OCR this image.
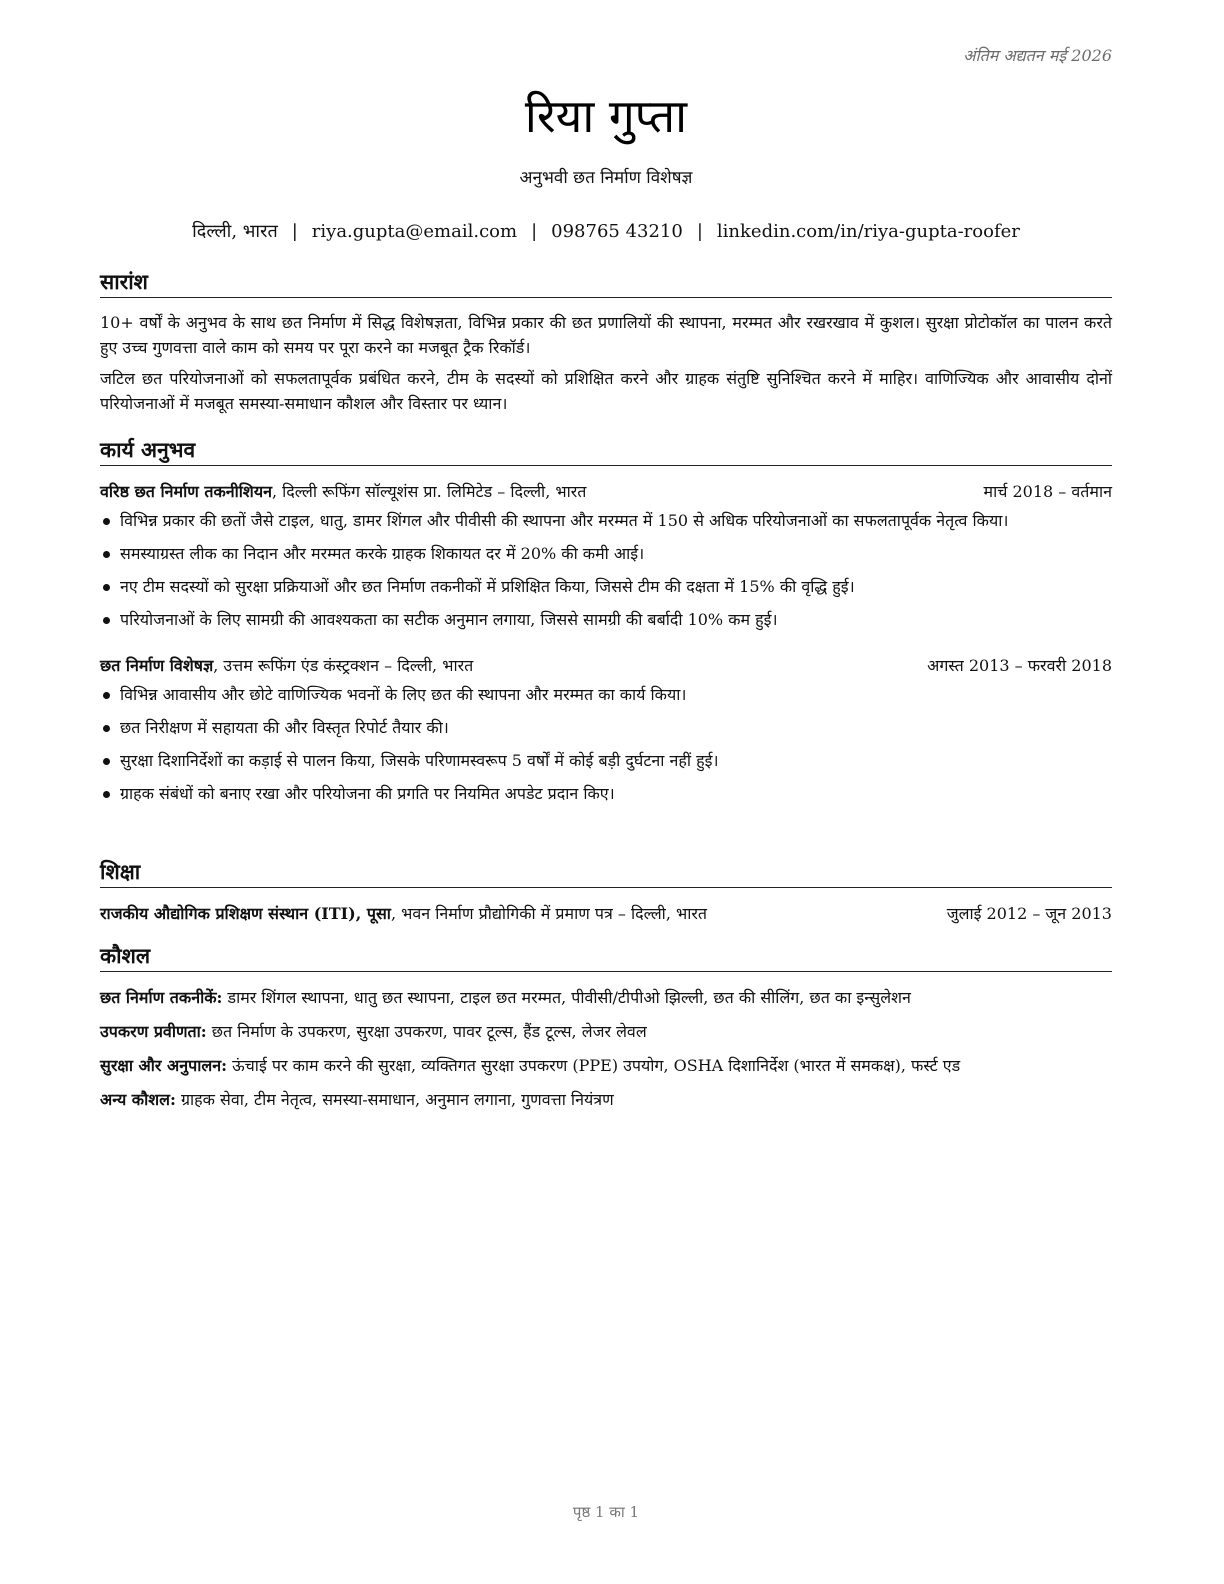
अंतिम अद्यतन मई 2026
रिया गुप्ता
अनुभवी छत निर्माण विशेषज्ञ
दिल्ली, भारत | riya.gupta@email.com | 098765 43210 | linkedin.com/in/riya-gupta-roofer
सारांश

10+ वर्षों के अनुभव के साथ छत निर्माण में सिद्ध विशेषज्ञता, विभिन्न प्रकार की छत प्रणालियों की स्थापना, मरम्मत और रखरखाव में कुशल। सुरक्षा प्रोटोकॉल का पालन करते हुए उच्च गुणवत्ता वाले काम को समय पर पूरा करने का मजबूत ट्रैक रिकॉर्ड।

जटिल छत परियोजनाओं को सफलतापूर्वक प्रबंधित करने, टीम के सदस्यों को प्रशिक्षित करने और ग्राहक संतुष्टि सुनिश्चित करने में माहिर। वाणिज्यिक और आवासीय दोनों परियोजनाओं में मजबूत समस्या-समाधान कौशल और विस्तार पर ध्यान।

कार्य अनुभव
वरिष्ठ छत निर्माण तकनीशियन, दिल्ली रूफिंग सॉल्यूशंस प्रा. लिमिटेड – दिल्ली, भारत	मार्च 2018 – वर्तमान
विभिन्न प्रकार की छतों जैसे टाइल, धातु, डामर शिंगल और पीवीसी की स्थापना और मरम्मत में 150 से अधिक परियोजनाओं का सफलतापूर्वक नेतृत्व किया।
समस्याग्रस्त लीक का निदान और मरम्मत करके ग्राहक शिकायत दर में 20% की कमी आई।
नए टीम सदस्यों को सुरक्षा प्रक्रियाओं और छत निर्माण तकनीकों में प्रशिक्षित किया, जिससे टीम की दक्षता में 15% की वृद्धि हुई।
परियोजनाओं के लिए सामग्री की आवश्यकता का सटीक अनुमान लगाया, जिससे सामग्री की बर्बादी 10% कम हुई।
छत निर्माण विशेषज्ञ, उत्तम रूफिंग एंड कंस्ट्रक्शन – दिल्ली, भारत	अगस्त 2013 – फरवरी 2018
विभिन्न आवासीय और छोटे वाणिज्यिक भवनों के लिए छत की स्थापना और मरम्मत का कार्य किया।
छत निरीक्षण में सहायता की और विस्तृत रिपोर्ट तैयार की।
सुरक्षा दिशानिर्देशों का कड़ाई से पालन किया, जिसके परिणामस्वरूप 5 वर्षों में कोई बड़ी दुर्घटना नहीं हुई।
ग्राहक संबंधों को बनाए रखा और परियोजना की प्रगति पर नियमित अपडेट प्रदान किए।
शिक्षा
राजकीय औद्योगिक प्रशिक्षण संस्थान (ITI), पूसा, भवन निर्माण प्रौद्योगिकी में प्रमाण पत्र – दिल्ली, भारत	जुलाई 2012 – जून 2013
कौशल
छत निर्माण तकनीकें: डामर शिंगल स्थापना, धातु छत स्थापना, टाइल छत मरम्मत, पीवीसी/टीपीओ झिल्ली, छत की सीलिंग, छत का इन्सुलेशन
उपकरण प्रवीणता: छत निर्माण के उपकरण, सुरक्षा उपकरण, पावर टूल्स, हैंड टूल्स, लेजर लेवल
सुरक्षा और अनुपालन: ऊंचाई पर काम करने की सुरक्षा, व्यक्तिगत सुरक्षा उपकरण (PPE) उपयोग, OSHA दिशानिर्देश (भारत में समकक्ष), फर्स्ट एड
अन्य कौशल: ग्राहक सेवा, टीम नेतृत्व, समस्या-समाधान, अनुमान लगाना, गुणवत्ता नियंत्रण
पृष्ठ 1 का 1
